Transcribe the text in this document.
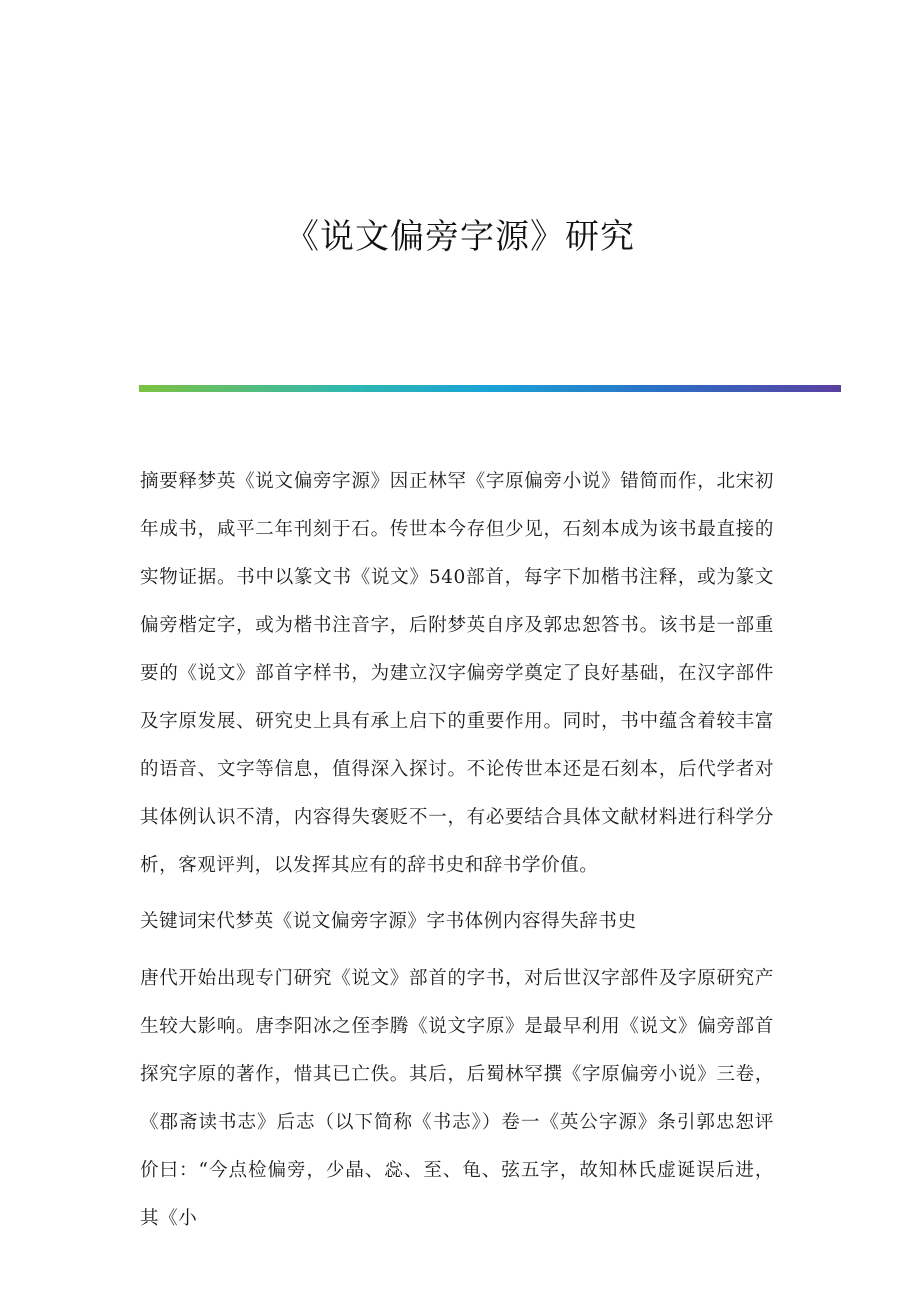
《说文偏旁字源》研究

摘要释梦英《说文偏旁字源》因正林罕《字原偏旁小说》错简而作，北宋初年成书，咸平二年刊刻于石。传世本今存但少见，石刻本成为该书最直接的实物证据。书中以篆文书《说文》540部首，每字下加楷书注释，或为篆文偏旁楷定字，或为楷书注音字，后附梦英自序及郭忠恕答书。该书是一部重要的《说文》部首字样书，为建立汉字偏旁学奠定了良好基础，在汉字部件及字原发展、研究史上具有承上启下的重要作用。同时，书中蕴含着较丰富的语音、文字等信息，值得深入探讨。不论传世本还是石刻本，后代学者对其体例认识不清，内容得失褒贬不一，有必要结合具体文献材料进行科学分析，客观评判，以发挥其应有的辞书史和辞书学价值。

关键词宋代梦英《说文偏旁字源》字书体例内容得失辞书史

唐代开始出现专门研究《说文》部首的字书，对后世汉字部件及字原研究产生较大影响。唐李阳冰之侄李腾《说文字原》是最早利用《说文》偏旁部首探究字原的著作，惜其已亡佚。其后，后蜀林罕撰《字原偏旁小说》三卷，《郡斋读书志》后志（以下简称《书志》）卷一《英公字源》条引郭忠恕评价曰：“今点检偏旁，少晶、惢、至、龟、弦五字，故知林氏虚诞误后进，其《小
